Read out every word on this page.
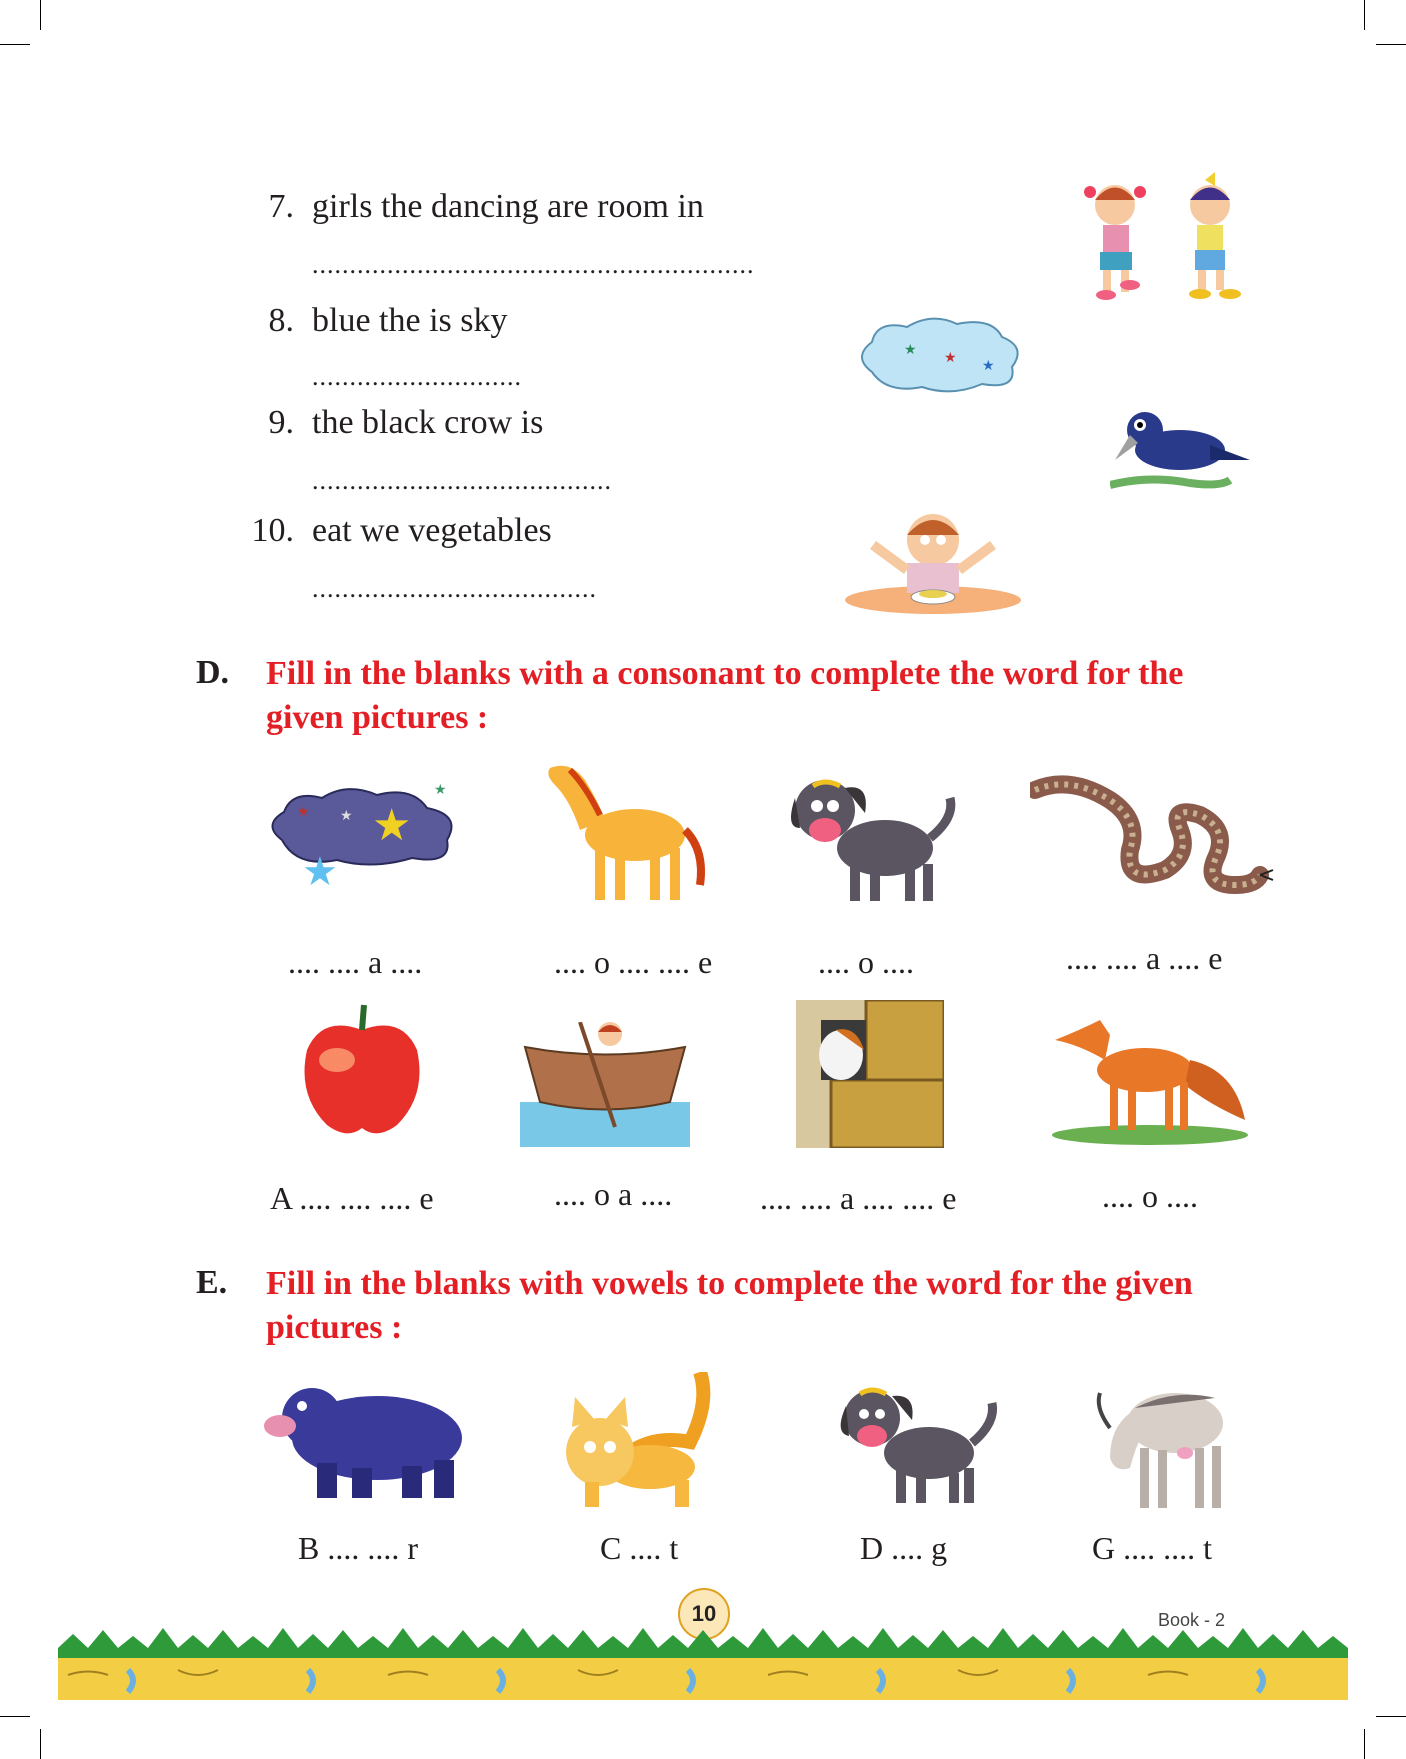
7. girls the dancing are room in
...........................................................
8. blue the is sky
............................
9. the black crow is
........................................
10. eat we vegetables
......................................
★
★
★
D. Fill in the blanks with a consonant to complete the word for the given pictures :
★
★
★ ★
★
.... .... a ....	.... o .... .... e	.... o ....	.... .... a .... e
A .... .... .... e	.... o a ....	.... .... a .... .... e	.... o ....
E. Fill in the blanks with vowels to complete the word for the given pictures :
B .... .... r	C .... t	D .... g	G .... .... t
10	Book - 2
